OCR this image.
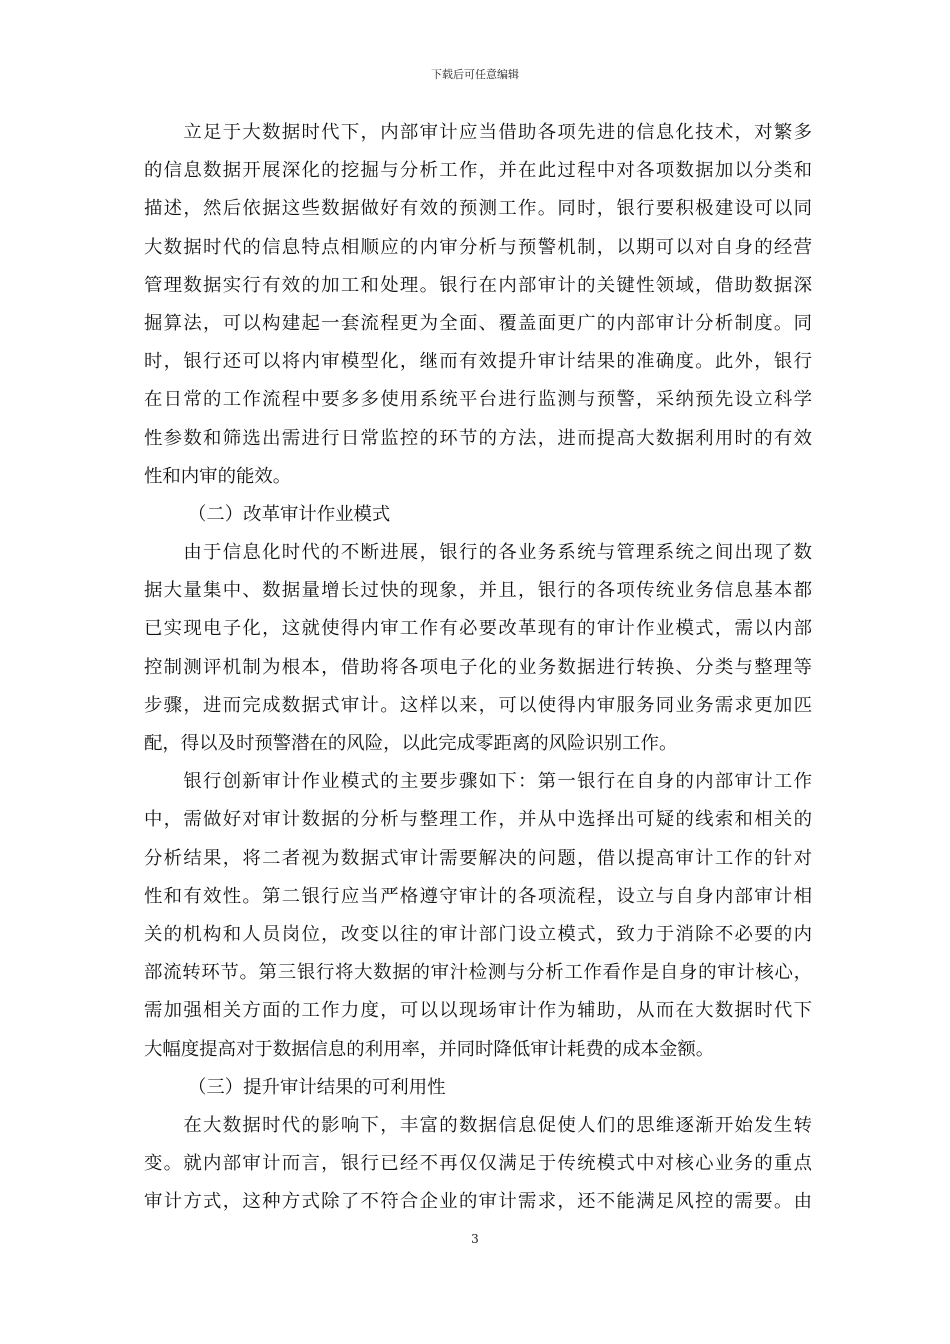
下载后可任意编辑
　　立足于大数据时代下，内部审计应当借助各项先进的信息化技术，对繁多
的信息数据开展深化的挖掘与分析工作，并在此过程中对各项数据加以分类和
描述，然后依据这些数据做好有效的预测工作。同时，银行要积极建设可以同
大数据时代的信息特点相顺应的内审分析与预警机制，以期可以对自身的经营
管理数据实行有效的加工和处理。银行在内部审计的关键性领域，借助数据深
掘算法，可以构建起一套流程更为全面、覆盖面更广的内部审计分析制度。同
时，银行还可以将内审模型化，继而有效提升审计结果的准确度。此外，银行
在日常的工作流程中要多多使用系统平台进行监测与预警，采纳预先设立科学
性参数和筛选出需进行日常监控的环节的方法，进而提高大数据利用时的有效
性和内审的能效。
（二）改革审计作业模式
　　由于信息化时代的不断进展，银行的各业务系统与管理系统之间出现了数
据大量集中、数据量增长过快的现象，并且，银行的各项传统业务信息基本都
已实现电子化，这就使得内审工作有必要改革现有的审计作业模式，需以内部
控制测评机制为根本，借助将各项电子化的业务数据进行转换、分类与整理等
步骤，进而完成数据式审计。这样以来，可以使得内审服务同业务需求更加匹
配，得以及时预警潜在的风险，以此完成零距离的风险识别工作。
　　银行创新审计作业模式的主要步骤如下：第一银行在自身的内部审计工作
中，需做好对审计数据的分析与整理工作，并从中选择出可疑的线索和相关的
分析结果，将二者视为数据式审计需要解决的问题，借以提高审计工作的针对
性和有效性。第二银行应当严格遵守审计的各项流程，设立与自身内部审计相
关的机构和人员岗位，改变以往的审计部门设立模式，致力于消除不必要的内
部流转环节。第三银行将大数据的审汁检测与分析工作看作是自身的审计核心，
需加强相关方面的工作力度，可以以现场审计作为辅助，从而在大数据时代下
大幅度提高对于数据信息的利用率，并同时降低审计耗费的成本金额。
（三）提升审计结果的可利用性
　　在大数据时代的影响下，丰富的数据信息促使人们的思维逐渐开始发生转
变。就内部审计而言，银行已经不再仅仅满足于传统模式中对核心业务的重点
审计方式，这种方式除了不符合企业的审计需求，还不能满足风控的需要。由
3
